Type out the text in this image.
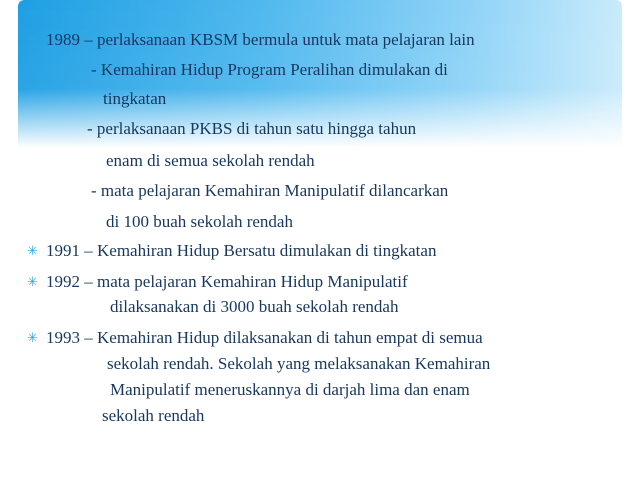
✳ 1989 – perlaksanaan KBSM bermula untuk mata pelajaran lain
- Kemahiran Hidup Program Peralihan dimulakan di
tingkatan
- perlaksanaan PKBS di tahun satu hingga tahun
enam di semua sekolah rendah
- mata pelajaran Kemahiran Manipulatif dilancarkan
di 100 buah sekolah rendah
✳ 1991 – Kemahiran Hidup Bersatu dimulakan di tingkatan
✳ 1992 – mata pelajaran Kemahiran Hidup Manipulatif
dilaksanakan di 3000 buah sekolah rendah
✳ 1993 – Kemahiran Hidup dilaksanakan di tahun empat di semua
sekolah rendah. Sekolah yang melaksanakan Kemahiran
Manipulatif meneruskannya di darjah lima dan enam
sekolah rendah
